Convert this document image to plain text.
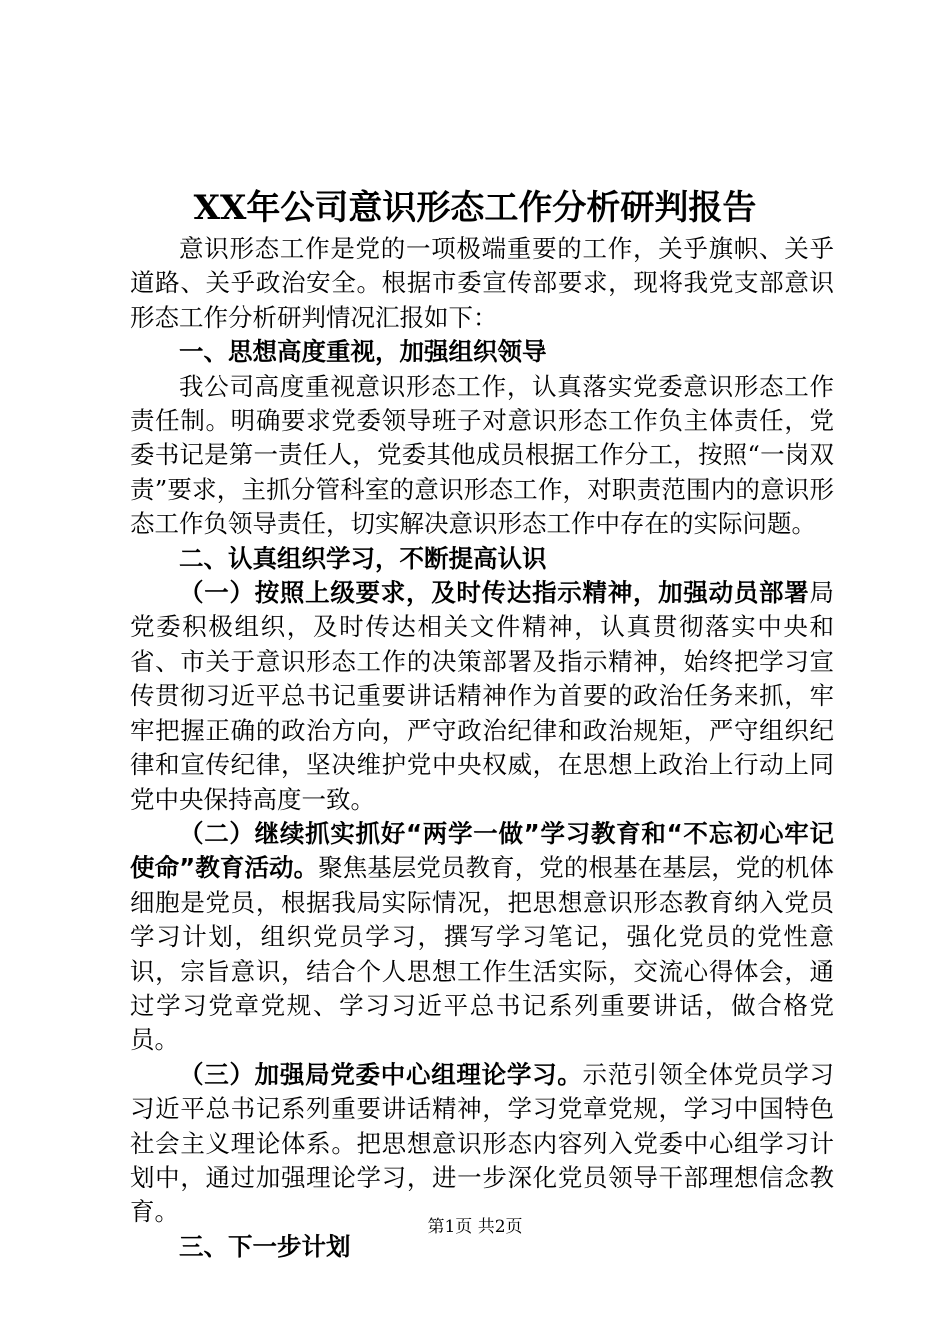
XX年公司意识形态工作分析研判报告

意识形态工作是党的一项极端重要的工作，关乎旗帜、关乎道路、关乎政治安全。根据市委宣传部要求，现将我党支部意识形态工作分析研判情况汇报如下：

一、思想高度重视，加强组织领导

我公司高度重视意识形态工作，认真落实党委意识形态工作责任制。明确要求党委领导班子对意识形态工作负主体责任，党委书记是第一责任人，党委其他成员根据工作分工，按照“一岗双责”要求，主抓分管科室的意识形态工作，对职责范围内的意识形态工作负领导责任，切实解决意识形态工作中存在的实际问题。

二、认真组织学习，不断提高认识

（一）按照上级要求，及时传达指示精神，加强动员部署局党委积极组织，及时传达相关文件精神，认真贯彻落实中央和省、市关于意识形态工作的决策部署及指示精神，始终把学习宣传贯彻习近平总书记重要讲话精神作为首要的政治任务来抓，牢牢把握正确的政治方向，严守政治纪律和政治规矩，严守组织纪律和宣传纪律，坚决维护党中央权威，在思想上政治上行动上同党中央保持高度一致。

（二）继续抓实抓好“两学一做”学习教育和“不忘初心牢记使命”教育活动。聚焦基层党员教育，党的根基在基层，党的机体细胞是党员，根据我局实际情况，把思想意识形态教育纳入党员学习计划，组织党员学习，撰写学习笔记，强化党员的党性意识，宗旨意识，结合个人思想工作生活实际，交流心得体会，通过学习党章党规、学习习近平总书记系列重要讲话，做合格党员。

（三）加强局党委中心组理论学习。示范引领全体党员学习习近平总书记系列重要讲话精神，学习党章党规，学习中国特色社会主义理论体系。把思想意识形态内容列入党委中心组学习计划中，通过加强理论学习，进一步深化党员领导干部理想信念教育。

三、下一步计划

第1页 共2页
